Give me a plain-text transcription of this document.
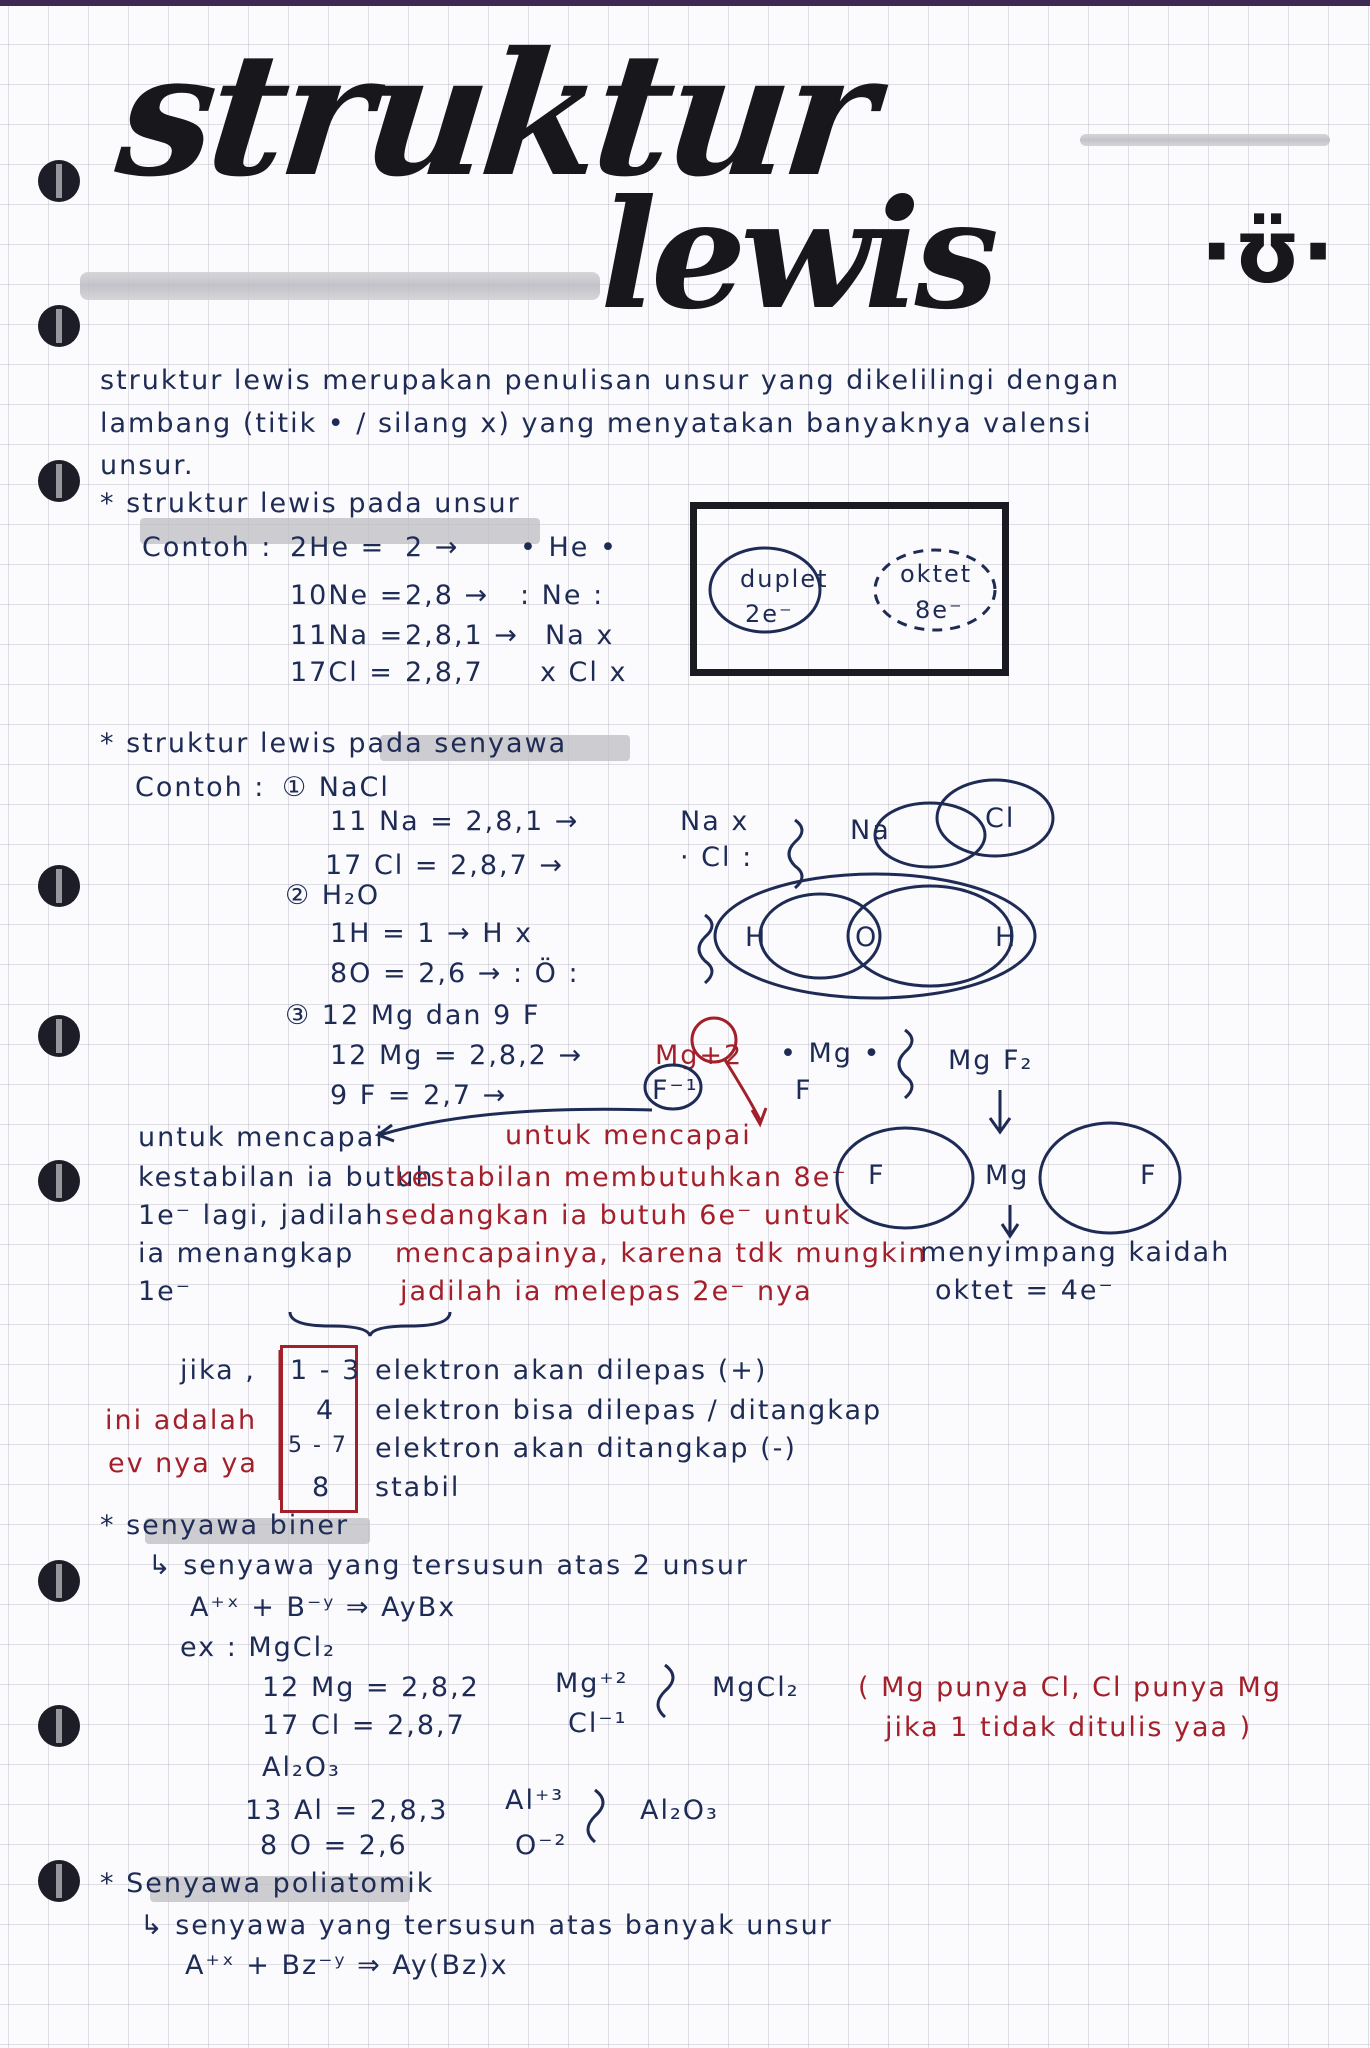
struktur
lewis ·ʊ̈·
struktur lewis merupakan penulisan unsur yang dikelilingi dengan
lambang (titik • / silang x) yang menyatakan banyaknya valensi
unsur.
* struktur lewis pada unsur
Contoh : 2He = 2 → • He •
10Ne = 2,8 → : Ne :
11Na = 2,8,1 → Na x
17Cl = 2,8,7 x Cl x
duplet
2e⁻
oktet
8e⁻
* struktur lewis pada senyawa
Contoh : ① NaCl
11 Na = 2,8,1 →	Na x
17 Cl = 2,8,7 →	· Cl :
Na	Cl
② H₂O
1H = 1 → H x
8O = 2,6 → : Ö :
H	O	H
③ 12 Mg dan 9 F
12 Mg = 2,8,2 →	Mg+2
9 F = 2,7 →	F⁻¹
• Mg •
F
Mg F₂
F	Mg	F
menyimpang kaidah
oktet = 4e⁻
untuk mencapai
kestabilan ia butuh
1e⁻ lagi, jadilah
ia menangkap
1e⁻
untuk mencapai
kestabilan membutuhkan 8e⁻
sedangkan ia butuh 6e⁻ untuk
mencapainya, karena tdk mungkin
jadilah ia melepas 2e⁻ nya
jika ,
ini adalah
ev nya ya
1 - 3 elektron akan dilepas (+)
4 elektron bisa dilepas / ditangkap
5 - 7 elektron akan ditangkap (-)
8 stabil
* senyawa biner
↳ senyawa yang tersusun atas 2 unsur
A⁺ˣ + B⁻ʸ ⇒ AyBx
ex : MgCl₂
12 Mg = 2,8,2	Mg⁺²
17 Cl = 2,8,7	Cl⁻¹
MgCl₂ ( Mg punya Cl, Cl punya Mg
jika 1 tidak ditulis yaa )
Al₂O₃
13 Al = 2,8,3 Al⁺³
8 O = 2,6	O⁻²
Al₂O₃
* Senyawa poliatomik
↳ senyawa yang tersusun atas banyak unsur
A⁺ˣ + Bz⁻ʸ ⇒ Ay(Bz)x
